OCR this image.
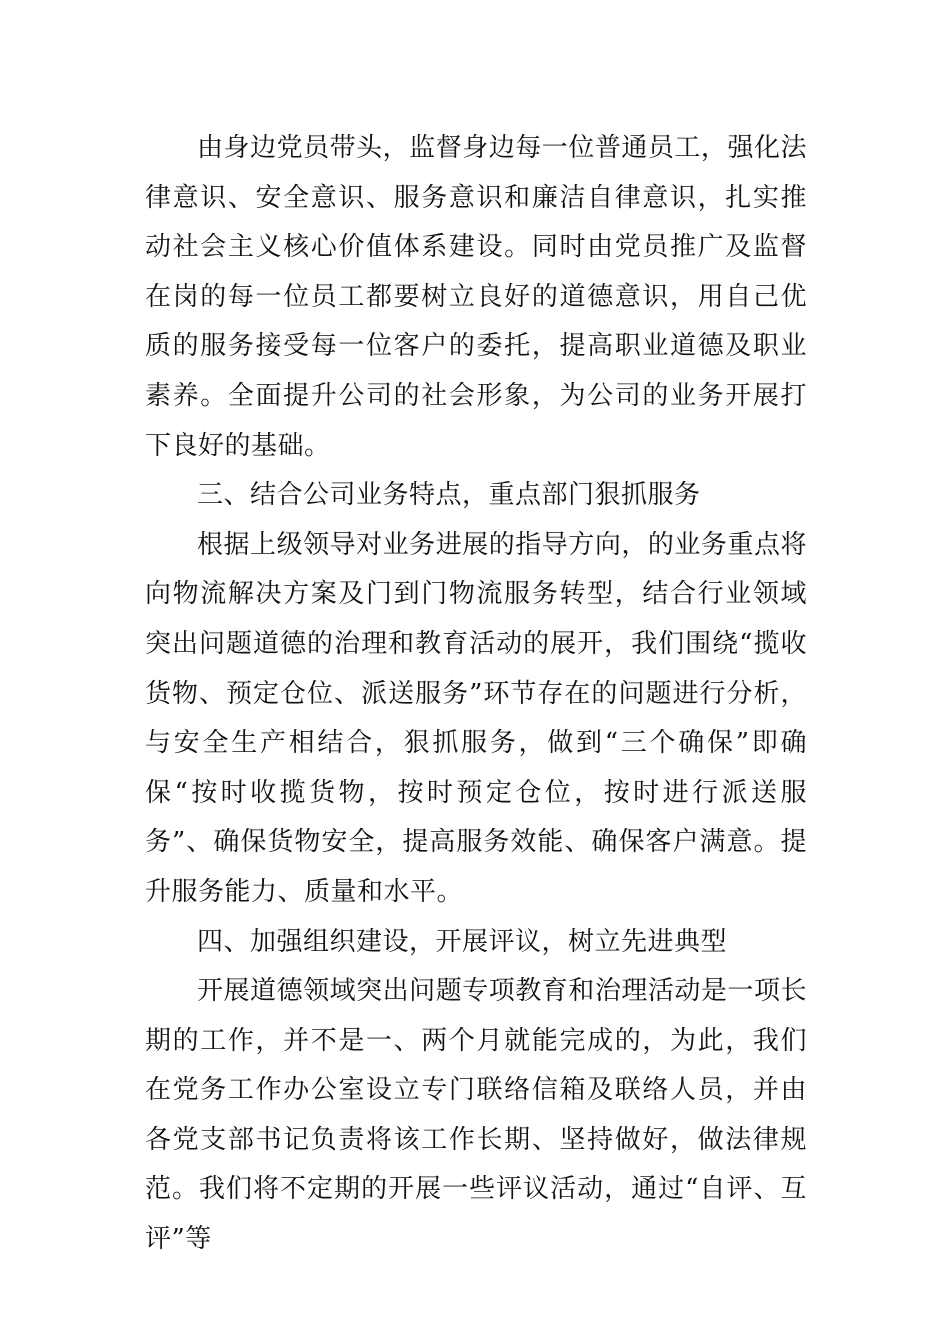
由身边党员带头，监督身边每一位普通员工，强化法律意识、安全意识、服务意识和廉洁自律意识，扎实推动社会主义核心价值体系建设。同时由党员推广及监督在岗的每一位员工都要树立良好的道德意识，用自己优质的服务接受每一位客户的委托，提高职业道德及职业素养。全面提升公司的社会形象，为公司的业务开展打下良好的基础。

三、结合公司业务特点，重点部门狠抓服务

根据上级领导对业务进展的指导方向，的业务重点将向物流解决方案及门到门物流服务转型，结合行业领域突出问题道德的治理和教育活动的展开，我们围绕“揽收货物、预定仓位、派送服务”环节存在的问题进行分析，与安全生产相结合，狠抓服务，做到“三个确保”即确保“按时收揽货物，按时预定仓位，按时进行派送服务”、确保货物安全，提高服务效能、确保客户满意。提升服务能力、质量和水平。

四、加强组织建设，开展评议，树立先进典型

开展道德领域突出问题专项教育和治理活动是一项长期的工作，并不是一、两个月就能完成的，为此，我们在党务工作办公室设立专门联络信箱及联络人员，并由各党支部书记负责将该工作长期、坚持做好，做法律规范。我们将不定期的开展一些评议活动，通过“自评、互评”等
